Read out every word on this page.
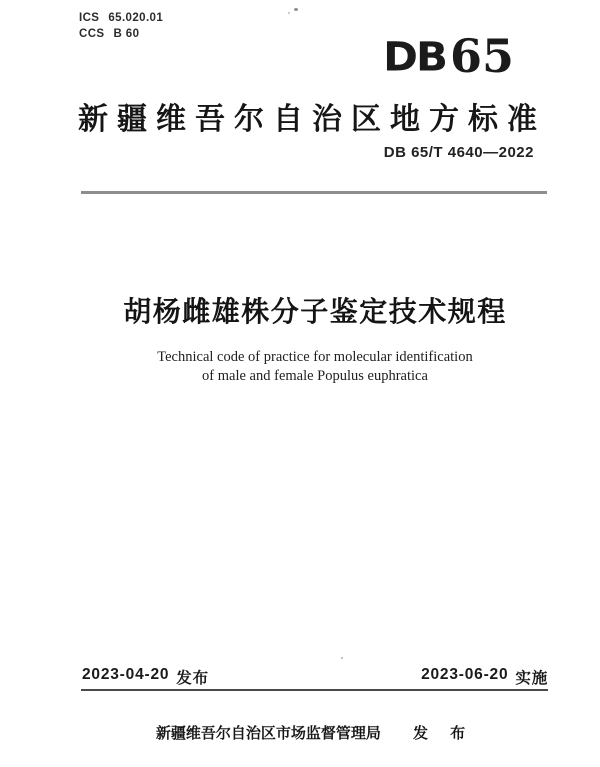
ICS 65.020.01
CCS B 60	DB 65
新疆维吾尔自治区地方标准
DB 65/T 4640—2022
胡杨雌雄株分子鉴定技术规程
Technical code of practice for molecular identification
of male and female Populus euphratica
2023-04-20 发布	2023-06-20 实施
新疆维吾尔自治区市场监督管理局 发 布
